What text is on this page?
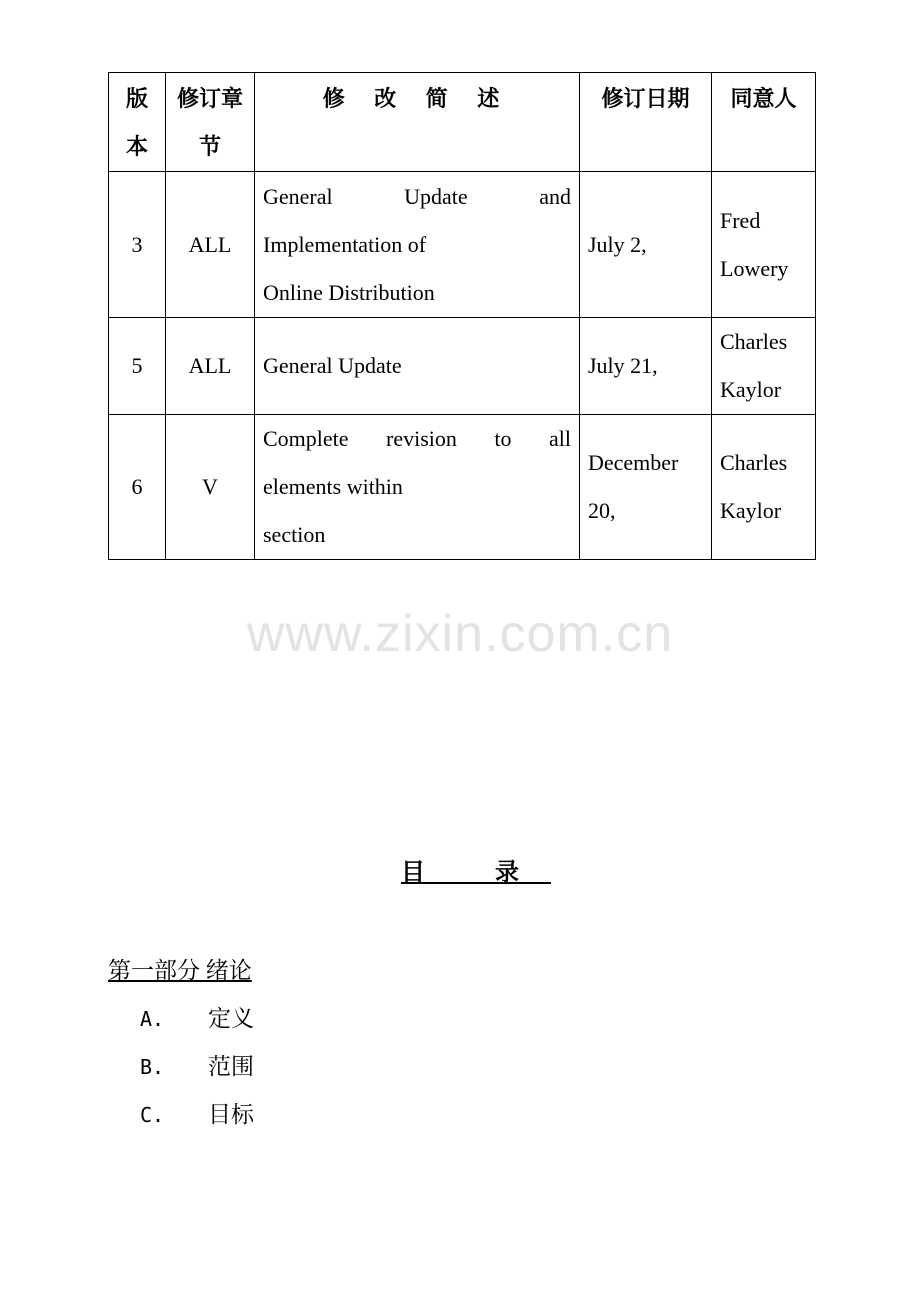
版本	修订章节	修 改 简 述	修订日期	同意人
3	ALL	General Update and
Implementation of
Online Distribution	July 2,	Fred Lowery
5	ALL	General Update	July 21,	Charles Kaylor
6	V	Complete revision to all
elements within
section	December 20,	Charles Kaylor
www.zixin.com.cn
目 录
第一部分 绪论
A. 定义
B. 范围
C. 目标
